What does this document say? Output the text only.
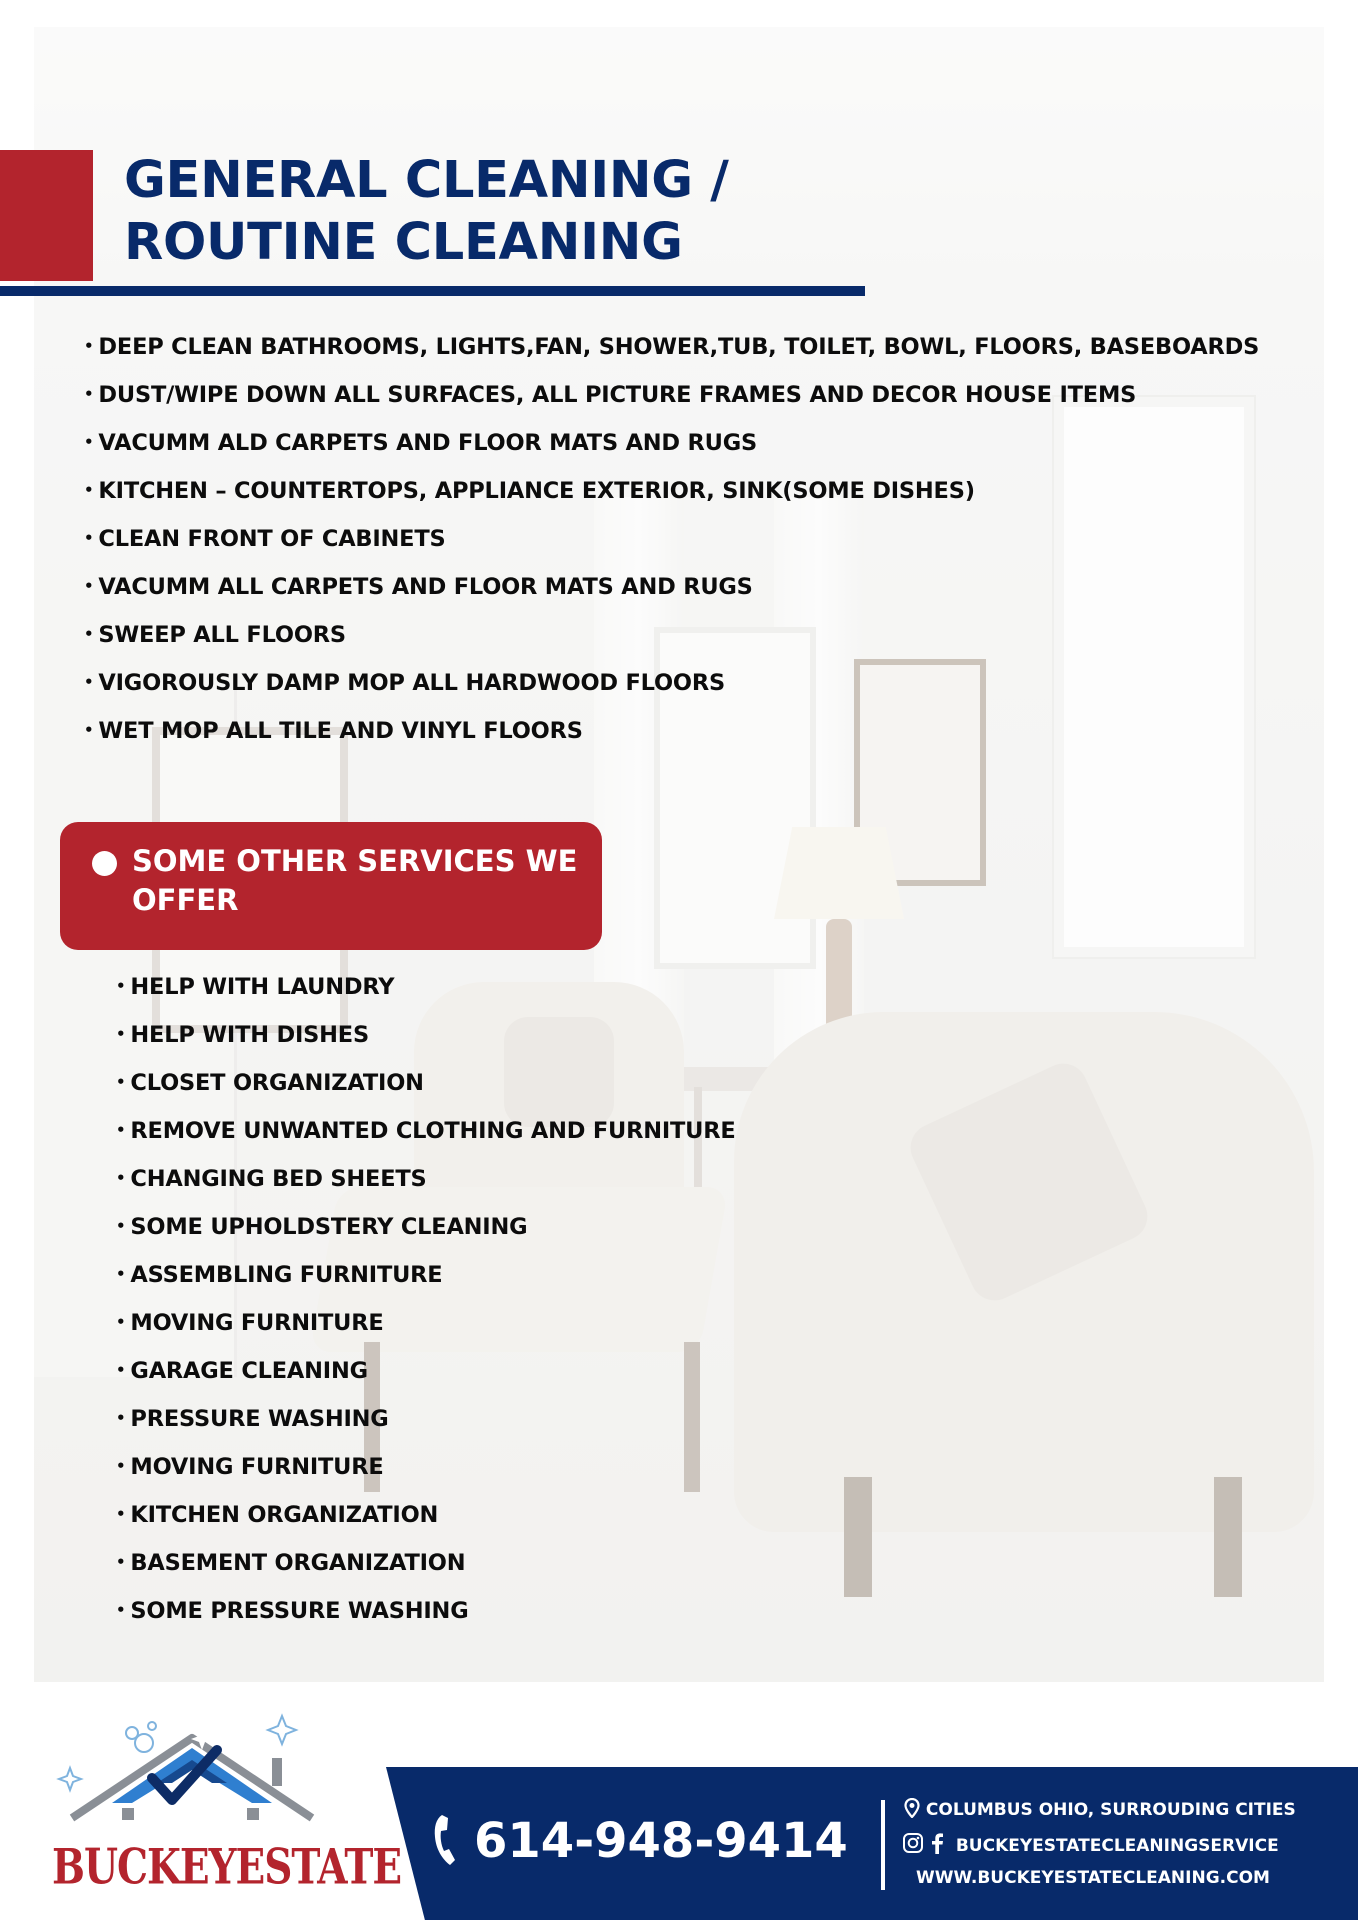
GENERAL CLEANING /
ROUTINE CLEANING
• DEEP CLEAN BATHROOMS, LIGHTS,FAN, SHOWER,TUB, TOILET, BOWL, FLOORS, BASEBOARDS
• DUST/WIPE DOWN ALL SURFACES, ALL PICTURE FRAMES AND DECOR HOUSE ITEMS
• VACUMM ALD CARPETS AND FLOOR MATS AND RUGS
• KITCHEN – COUNTERTOPS, APPLIANCE EXTERIOR, SINK(SOME DISHES)
• CLEAN FRONT OF CABINETS
• VACUMM ALL CARPETS AND FLOOR MATS AND RUGS
• SWEEP ALL FLOORS
• VIGOROUSLY DAMP MOP ALL HARDWOOD FLOORS
• WET MOP ALL TILE AND VINYL FLOORS

SOME OTHER SERVICES WE OFFER

• HELP WITH LAUNDRY
• HELP WITH DISHES
• CLOSET ORGANIZATION
• REMOVE UNWANTED CLOTHING AND FURNITURE
• CHANGING BED SHEETS
• SOME UPHOLDSTERY CLEANING
• ASSEMBLING FURNITURE
• MOVING FURNITURE
• GARAGE CLEANING
• PRESSURE WASHING
• MOVING FURNITURE
• KITCHEN ORGANIZATION
• BASEMENT ORGANIZATION
• SOME PRESSURE WASHING
BUCKEYESTATE 614-948-9414

COLUMBUS OHIO, SURROUDING CITIES
BUCKEYESTATECLEANINGSERVICE
WWW.BUCKEYESTATECLEANING.COM
